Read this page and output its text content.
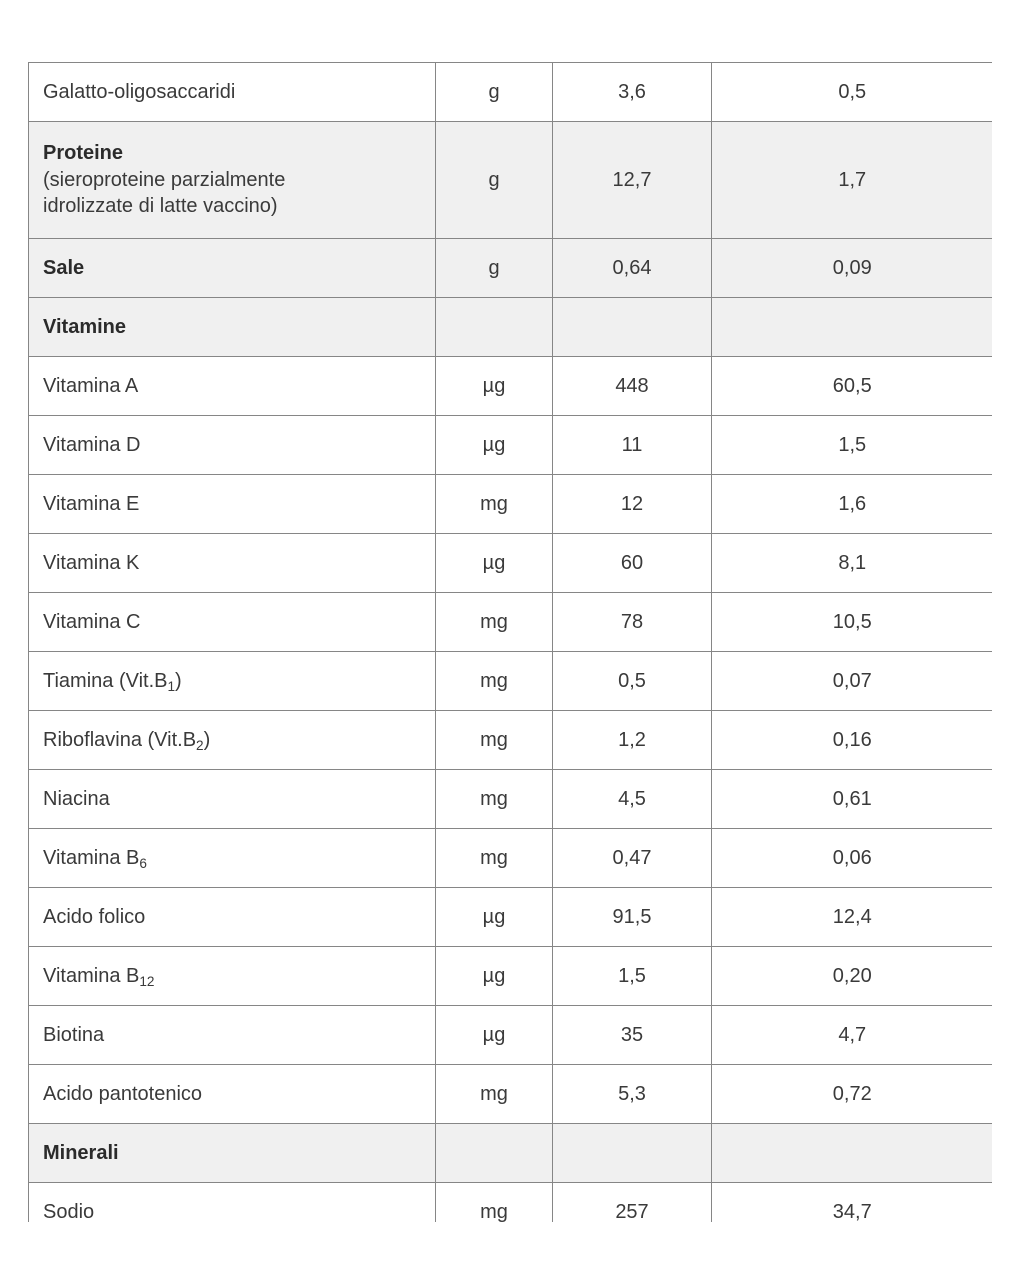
Galatto-oligosaccaridi	g	3,6	0,5

Proteine
(sieroproteine parzialmente
idrolizzate di latte vaccino)	g	12,7	1,7
Sale	g	0,64	0,09
Vitamine			
Vitamina A	µg	448	60,5
Vitamina D	µg	11	1,5
Vitamina E	mg	12	1,6
Vitamina K	µg	60	8,1
Vitamina C	mg	78	10,5
Tiamina $(Vit.B_1)$	mg	0,5	0,07
Riboflavina $(Vit.B_2)$	mg	1,2	0,16
Niacina	mg	4,5	0,61
Vitamina $B_6$	mg	0,47	0,06
Acido folico	µg	91,5	12,4
Vitamina $B_{12}$	µg	1,5	0,20
Biotina	µg	35	4,7
Acido pantotenico	mg	5,3	0,72
Minerali			
Sodio	mg	257	34,7
